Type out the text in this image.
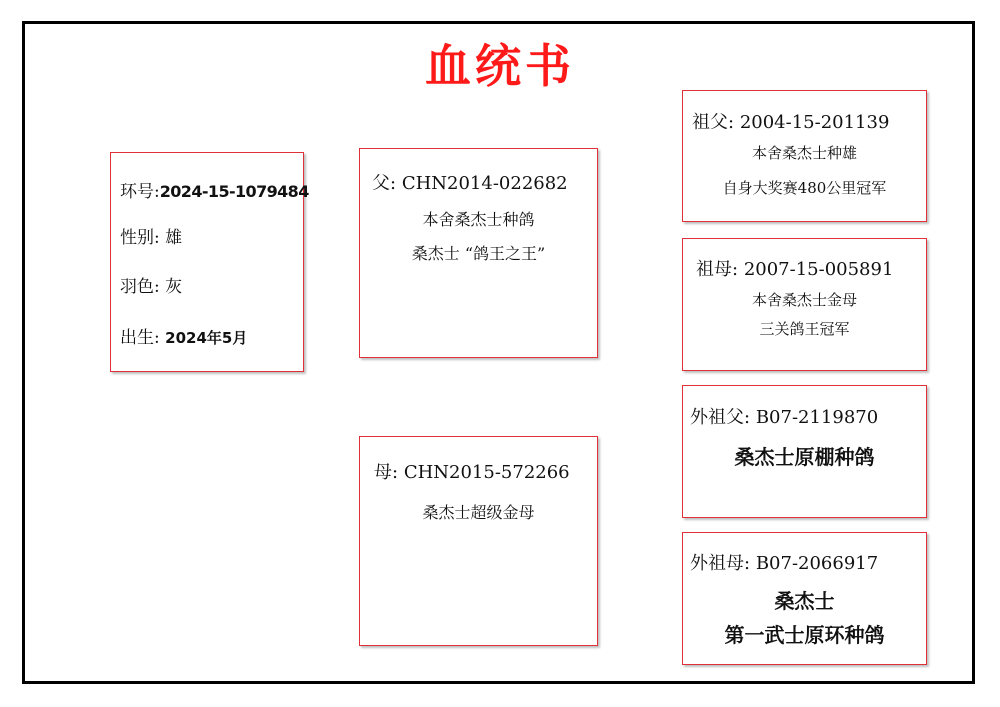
血统书
环号:2024-15-1079484
性别: 雄
羽色: 灰
出生: 2024年5月
父: CHN2014-022682
本舍桑杰士种鸽
桑杰士 “鸽王之王”
母: CHN2015-572266
桑杰士超级金母
祖父: 2004-15-201139
本舍桑杰士种雄
自身大奖赛480公里冠军
祖母: 2007-15-005891
本舍桑杰士金母
三关鸽王冠军
外祖父: B07-2119870
桑杰士原棚种鸽
外祖母: B07-2066917
桑杰士
第一武士原环种鸽
